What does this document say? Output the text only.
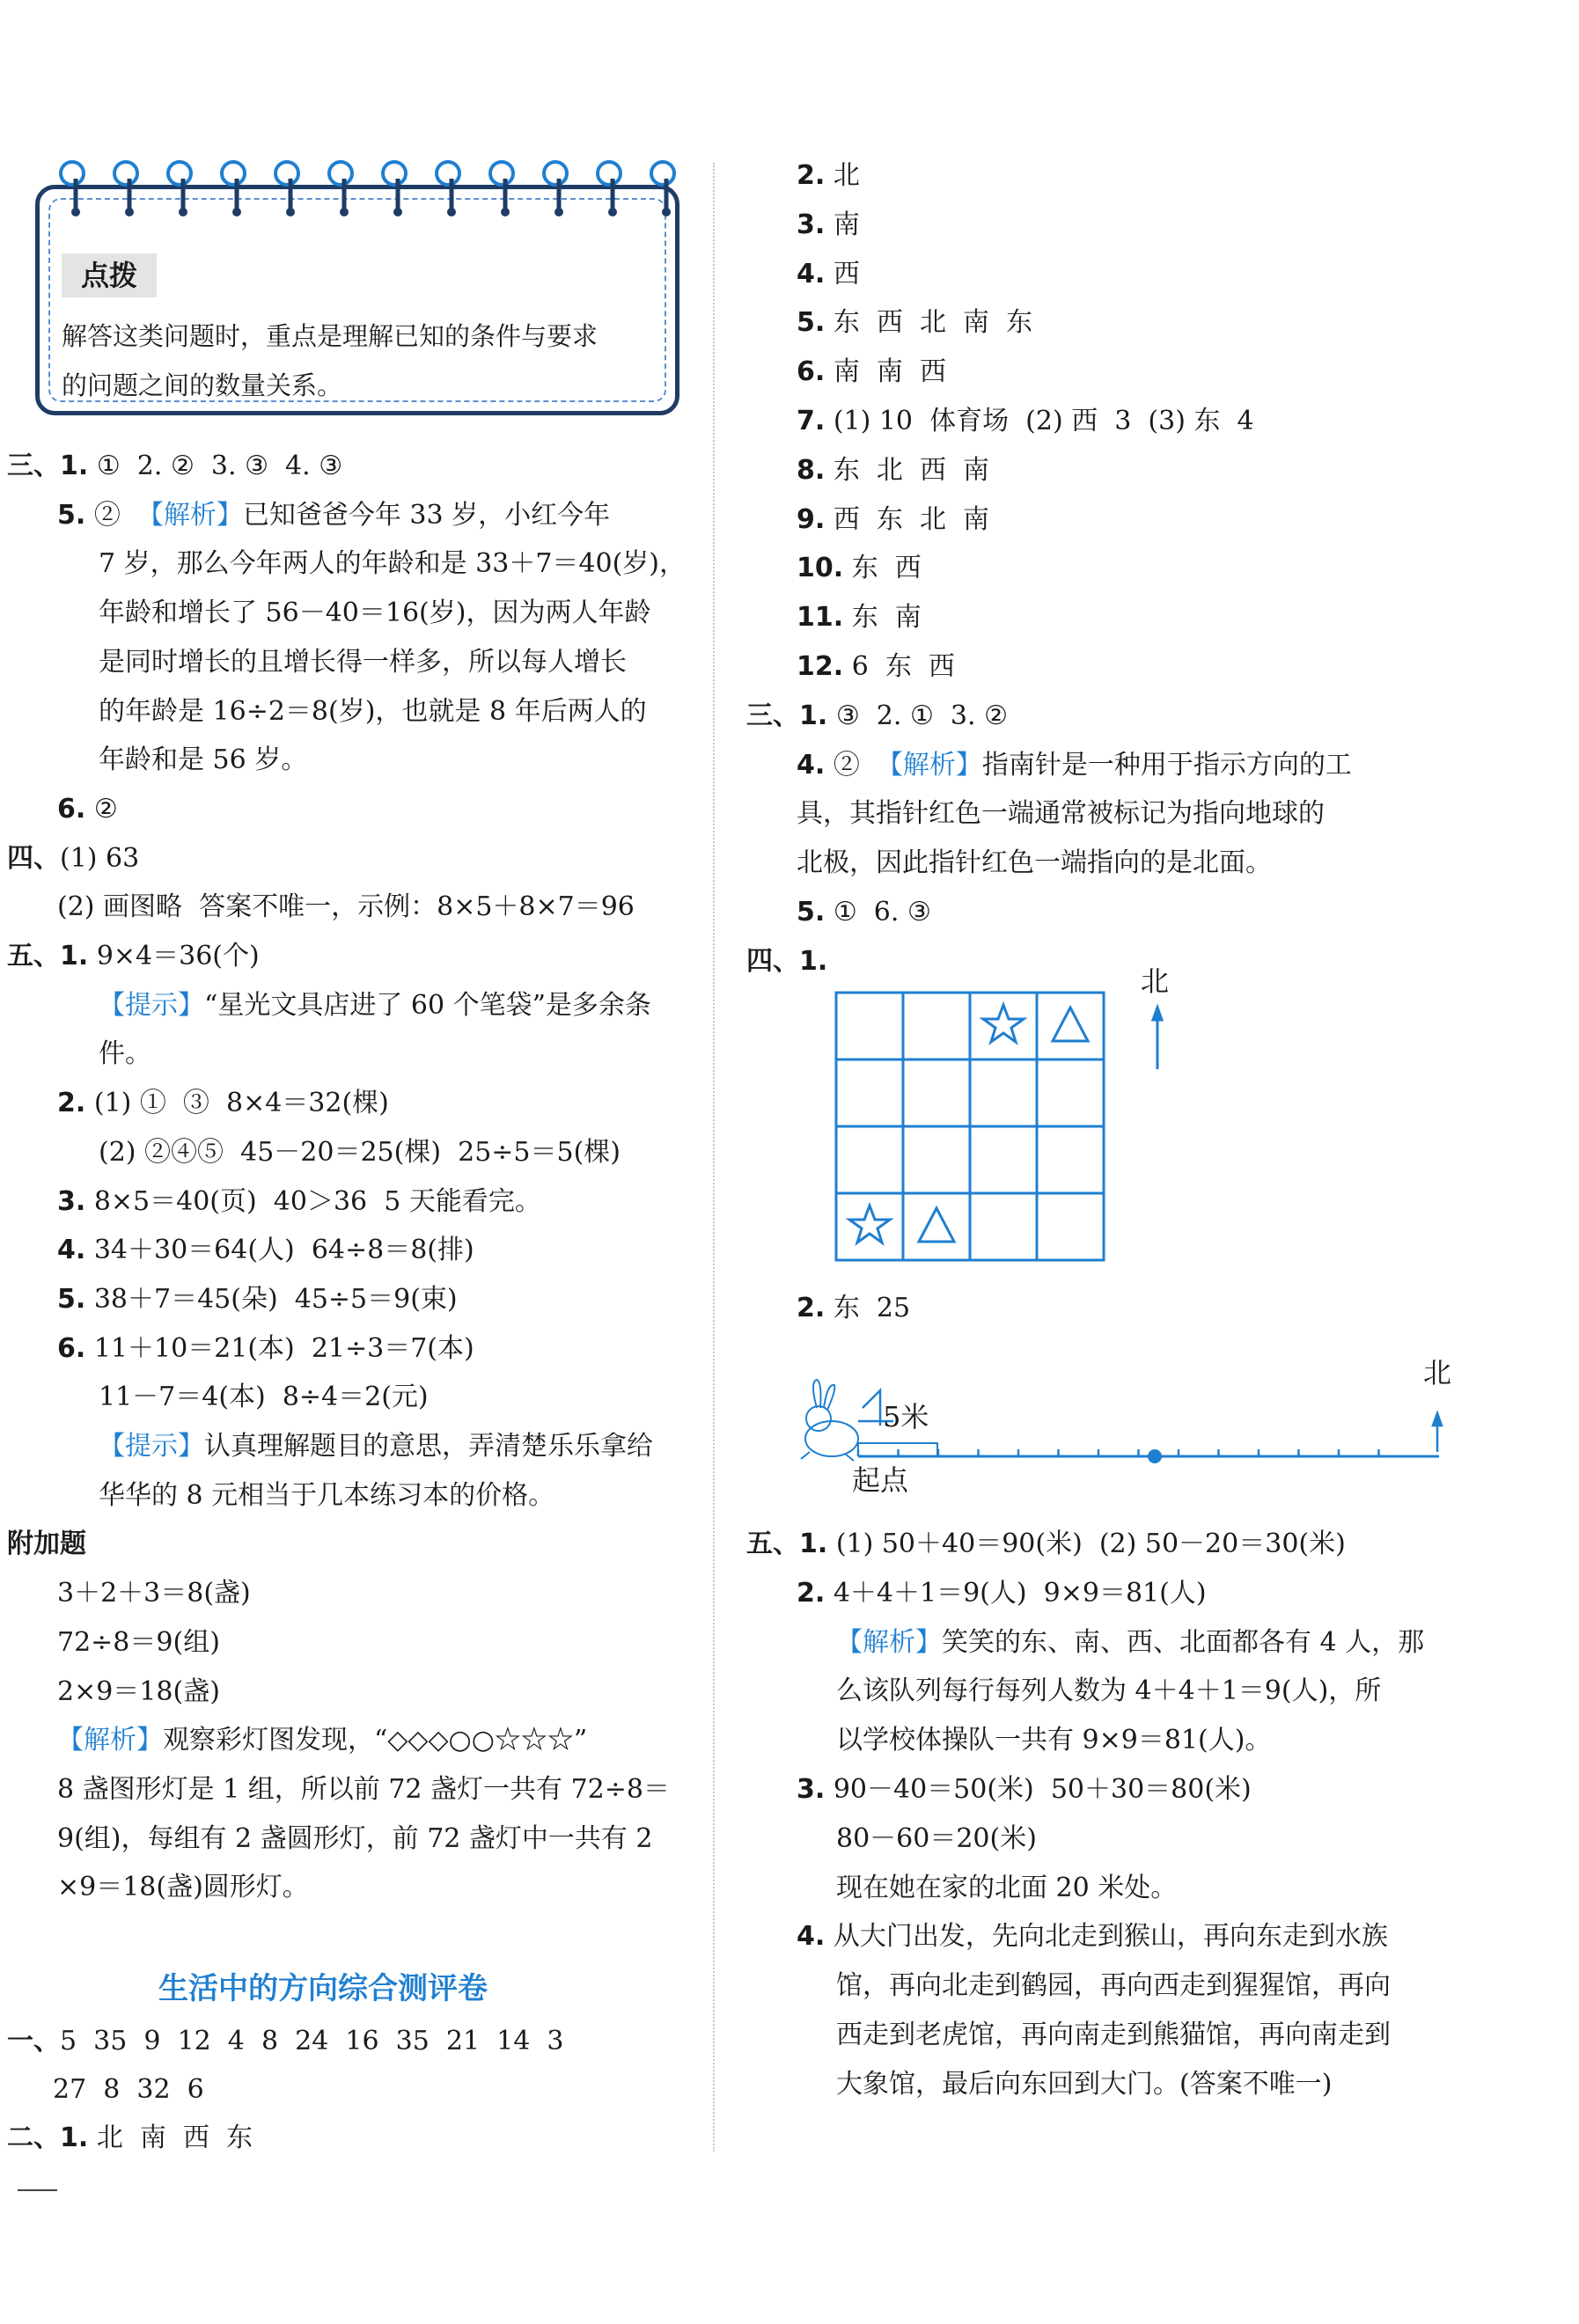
点拨
解答这类问题时，重点是理解已知的条件与要求
的问题之间的数量关系。
三、1. ①  2. ②  3. ③  4. ③
5. ②  【解析】已知爸爸今年 33 岁，小红今年
7 岁，那么今年两人的年龄和是 33＋7＝40(岁)，
年龄和增长了 56－40＝16(岁)，因为两人年龄
是同时增长的且增长得一样多，所以每人增长
的年龄是 16÷2＝8(岁)，也就是 8 年后两人的
年龄和是 56 岁。
6. ②
四、(1) 63
(2) 画图略  答案不唯一，示例：8×5＋8×7＝96
五、1. 9×4＝36(个)
【提示】“星光文具店进了 60 个笔袋”是多余条
件。
2. (1) ①  ③  8×4＝32(棵)
(2) ②④⑤  45－20＝25(棵)  25÷5＝5(棵)
3. 8×5＝40(页)  40＞36  5 天能看完。
4. 34＋30＝64(人)  64÷8＝8(排)
5. 38＋7＝45(朵)  45÷5＝9(束)
6. 11＋10＝21(本)  21÷3＝7(本)
11－7＝4(本)  8÷4＝2(元)
【提示】认真理解题目的意思，弄清楚乐乐拿给
华华的 8 元相当于几本练习本的价格。
附加题
3＋2＋3＝8(盏)
72÷8＝9(组)
2×9＝18(盏)
【解析】观察彩灯图发现，“◇◇◇○○☆☆☆”
8 盏图形灯是 1 组，所以前 72 盏灯一共有 72÷8＝
9(组)，每组有 2 盏圆形灯，前 72 盏灯中一共有 2
×9＝18(盏)圆形灯。
生活中的方向综合测评卷
一、5  35  9  12  4  8  24  16  35  21  14  3
27  8  32  6
二、1. 北  南  西  东
2. 北
3. 南
4. 西
5. 东  西  北  南  东
6. 南  南  西
7. (1) 10  体育场  (2) 西  3  (3) 东  4
8. 东  北  西  南
9. 西  东  北  南
10. 东  西
11. 东  南
12. 6  东  西
三、1. ③  2. ①  3. ②
4. ②  【解析】指南针是一种用于指示方向的工
具，其指针红色一端通常被标记为指向地球的
北极，因此指针红色一端指向的是北面。
5. ①  6. ③
四、1.
北
2. 东  25
北
5米
起点
五、1. (1) 50＋40＝90(米)  (2) 50－20＝30(米)
2. 4＋4＋1＝9(人)  9×9＝81(人)
【解析】笑笑的东、南、西、北面都各有 4 人，那
么该队列每行每列人数为 4＋4＋1＝9(人)，所
以学校体操队一共有 9×9＝81(人)。
3. 90－40＝50(米)  50＋30＝80(米)
80－60＝20(米)
现在她在家的北面 20 米处。
4. 从大门出发，先向北走到猴山，再向东走到水族
馆，再向北走到鹤园，再向西走到猩猩馆，再向
西走到老虎馆，再向南走到熊猫馆，再向南走到
大象馆，最后向东回到大门。(答案不唯一)
